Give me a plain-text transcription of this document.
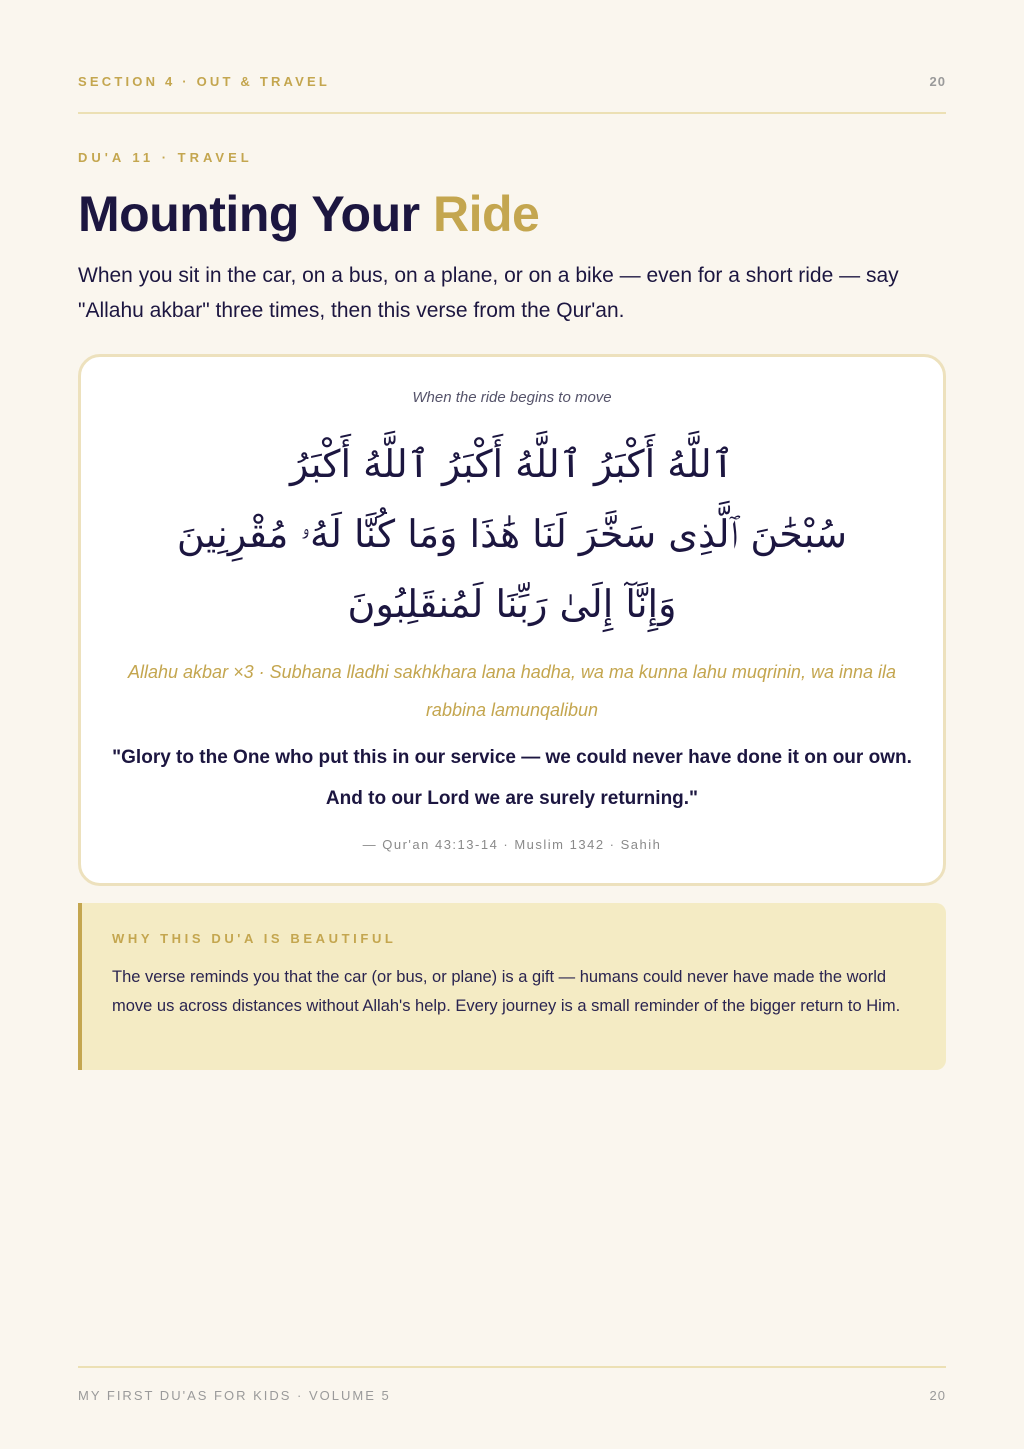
SECTION 4 · OUT & TRAVEL	20
DU'A 11 · TRAVEL
Mounting Your Ride

When you sit in the car, on a bus, on a plane, or on a bike — even for a short ride — say "Allahu akbar" three times, then this verse from the Qur'an.

When the ride begins to move
ٱللَّهُ أَكْبَرُ ٱللَّهُ أَكْبَرُ ٱللَّهُ أَكْبَرُ
سُبْحَٰنَ ٱلَّذِى سَخَّرَ لَنَا هَٰذَا وَمَا كُنَّا لَهُۥ مُقْرِنِينَ
وَإِنَّآ إِلَىٰ رَبِّنَا لَمُنقَلِبُونَ
Allahu akbar ×3 · Subhana lladhi sakhkhara lana hadha, wa ma kunna lahu muqrinin, wa inna ila rabbina lamunqalibun
"Glory to the One who put this in our service — we could never have done it on our own. And to our Lord we are surely returning."
— Qur'an 43:13-14 · Muslim 1342 · Sahih
WHY THIS DU'A IS BEAUTIFUL

The verse reminds you that the car (or bus, or plane) is a gift — humans could never have made the world move us across distances without Allah's help. Every journey is a small reminder of the bigger return to Him.

MY FIRST DU'AS FOR KIDS · VOLUME 5	20
